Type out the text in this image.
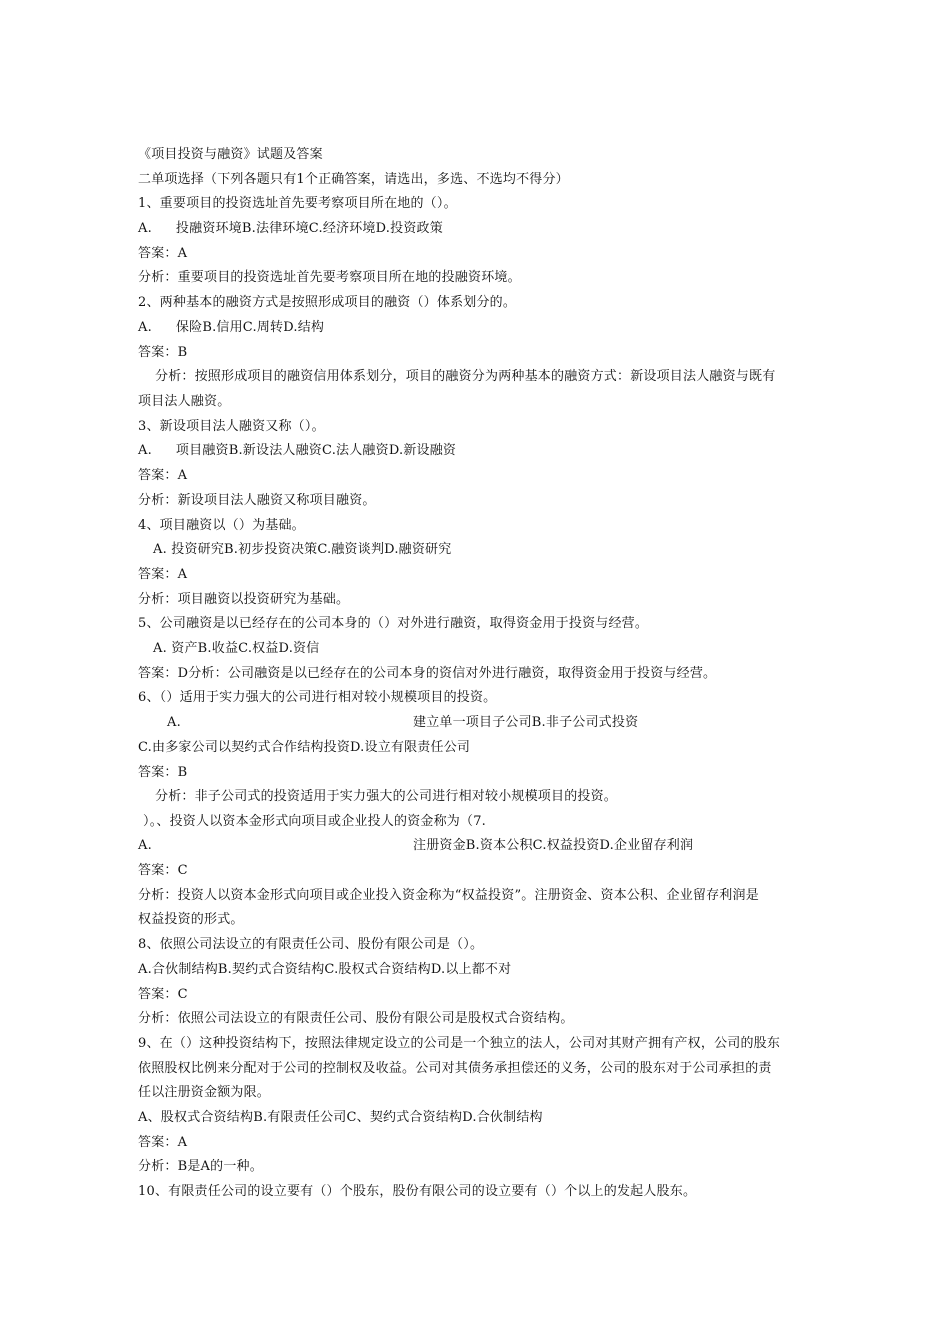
《项目投资与融资》试题及答案
二单项选择（下列各题只有1个正确答案，请选出，多选、不选均不得分）
1、重要项目的投资选址首先要考察项目所在地的（）。
A. 投融资环境B.法律环境C.经济环境D.投资政策
答案：A
分析：重要项目的投资选址首先要考察项目所在地的投融资环境。
2、两种基本的融资方式是按照形成项目的融资（）体系划分的。
A. 保险B.信用C.周转D.结构
答案：B
分析：按照形成项目的融资信用体系划分，项目的融资分为两种基本的融资方式：新设项目法人融资与既有
项目法人融资。
3、新设项目法人融资又称（）。
A. 项目融资B.新设法人融资C.法人融资D.新设融资
答案：A
分析：新设项目法人融资又称项目融资。
4、项目融资以（）为基础。
A. 投资研究B.初步投资决策C.融资谈判D.融资研究
答案：A
分析：项目融资以投资研究为基础。
5、公司融资是以已经存在的公司本身的（）对外进行融资，取得资金用于投资与经营。
A. 资产B.收益C.权益D.资信
答案：D分析：公司融资是以已经存在的公司本身的资信对外进行融资，取得资金用于投资与经营。
6、（）适用于实力强大的公司进行相对较小规模项目的投资。
A.	建立单一项目子公司B.非子公司式投资
C.由多家公司以契约式合作结构投资D.设立有限责任公司
答案：B
分析：非子公司式的投资适用于实力强大的公司进行相对较小规模项目的投资。
）。、投资人以资本金形式向项目或企业投人的资金称为（7.
A.	注册资金B.资本公积C.权益投资D.企业留存利润
答案：C
分析：投资人以资本金形式向项目或企业投入资金称为“权益投资”。注册资金、资本公积、企业留存利润是
权益投资的形式。
8、依照公司法设立的有限责任公司、股份有限公司是（）。
A.合伙制结构B.契约式合资结构C.股权式合资结构D.以上都不对
答案：C
分析：依照公司法设立的有限责任公司、股份有限公司是股权式合资结构。
9、在（）这种投资结构下，按照法律规定设立的公司是一个独立的法人，公司对其财产拥有产权，公司的股东
依照股权比例来分配对于公司的控制权及收益。公司对其债务承担偿还的义务，公司的股东对于公司承担的责
任以注册资金额为限。
A、股权式合资结构B.有限责任公司C、契约式合资结构D.合伙制结构
答案：A
分析：B是A的一种。
10、有限责任公司的设立要有（）个股东，股份有限公司的设立要有（）个以上的发起人股东。
